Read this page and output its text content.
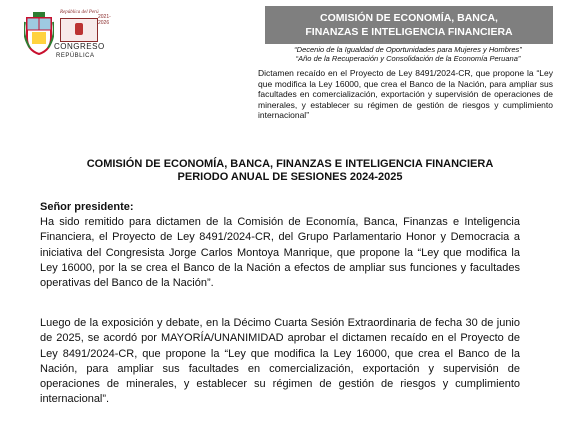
República del Perú
2021-2026
CONGRESO
REPÚBLICA
COMISIÓN DE ECONOMÍA, BANCA,
FINANZAS E INTELIGENCIA FINANCIERA
“Decenio de la Igualdad de Oportunidades para Mujeres y Hombres”
“Año de la Recuperación y Consolidación de la Economía Peruana”
Dictamen recaído en el Proyecto de Ley 8491/2024-CR, que propone la “Ley que modifica la Ley 16000, que crea el Banco de la Nación, para ampliar sus facultades en comercialización, exportación y supervisión de operaciones de minerales, y establecer su régimen de gestión de riesgos y cumplimiento internacional”
COMISIÓN DE ECONOMÍA, BANCA, FINANZAS E INTELIGENCIA FINANCIERA
PERIODO ANUAL DE SESIONES 2024-2025
Señor presidente:
Ha sido remitido para dictamen de la Comisión de Economía, Banca, Finanzas e Inteligencia Financiera, el Proyecto de Ley 8491/2024-CR, del Grupo Parlamentario Honor y Democracia a iniciativa del Congresista Jorge Carlos Montoya Manrique, que propone la “Ley que modifica la Ley 16000, por la se crea el Banco de la Nación a efectos de ampliar sus funciones y facultades operativas del Banco de la Nación”.
Luego de la exposición y debate, en la Décimo Cuarta Sesión Extraordinaria de fecha 30 de junio de 2025, se acordó por MAYORÍA/UNANIMIDAD aprobar el dictamen recaído en el Proyecto de Ley 8491/2024-CR, que propone la “Ley que modifica la Ley 16000, que crea el Banco de la Nación, para ampliar sus facultades en comercialización, exportación y supervisión de operaciones de minerales, y establecer su régimen de gestión de riesgos y cumplimiento internacional”.
